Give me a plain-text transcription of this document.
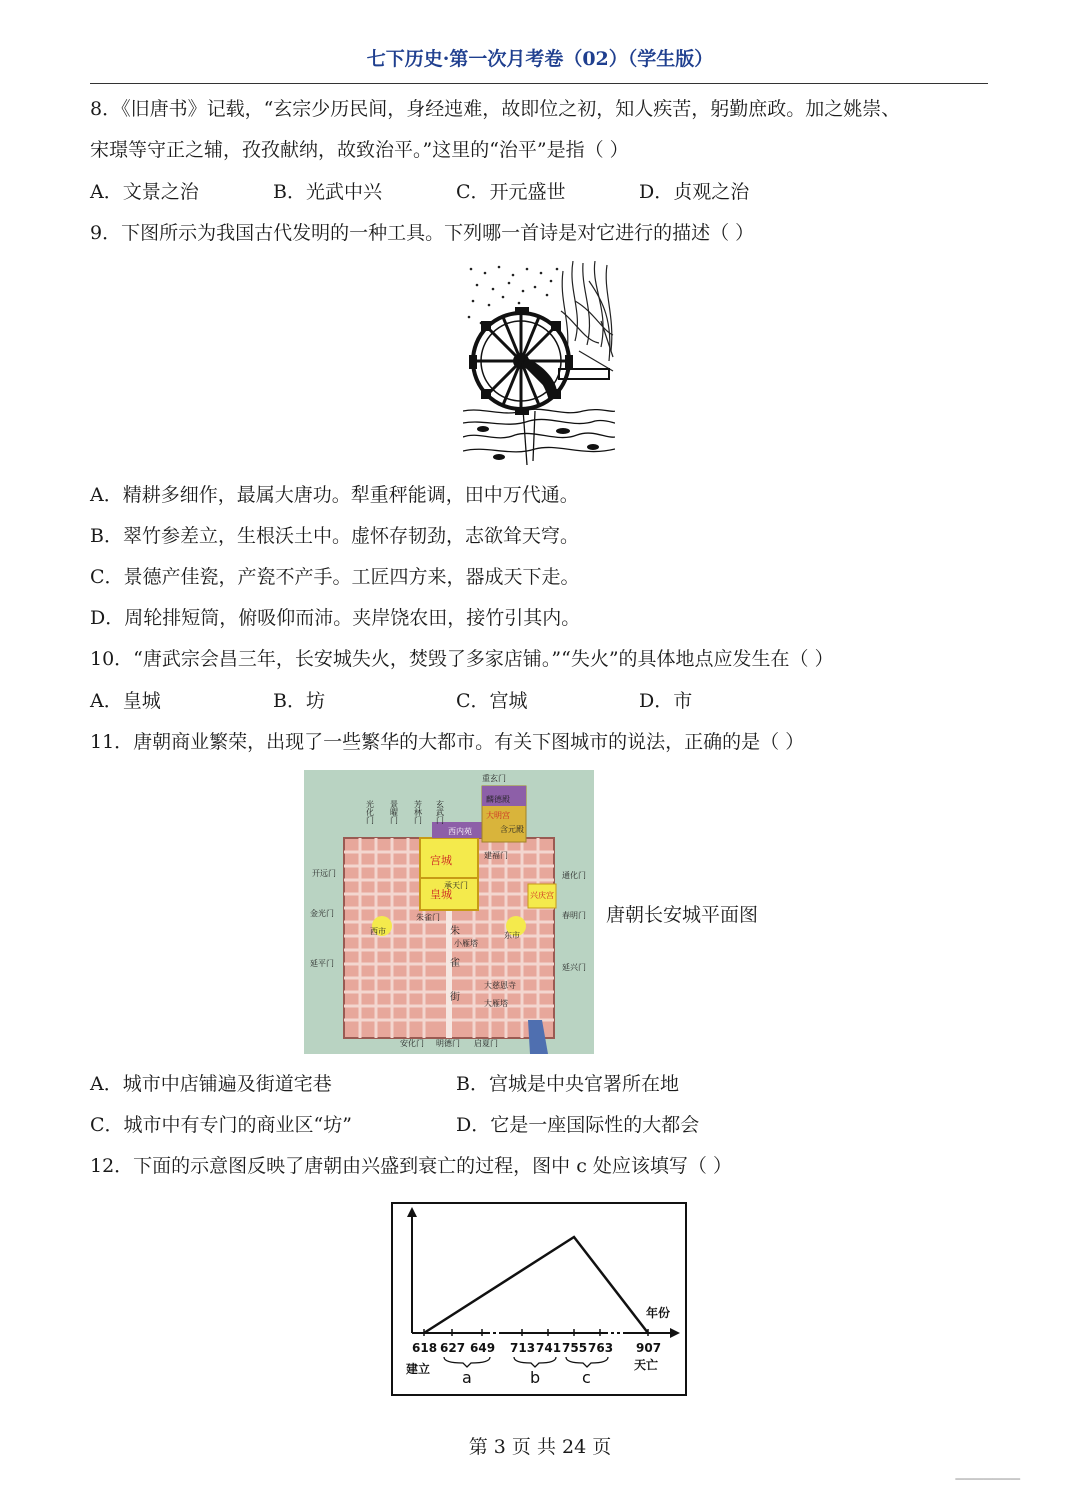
七下历史·第一次月考卷（02）（学生版）
8．《旧唐书》记载，“玄宗少历民间，身经迍难，故即位之初，知人疾苦，躬勤庶政。加之姚崇、
宋璟等守正之辅，孜孜献纳，故致治平。”这里的“治平”是指（ ）
A．文景之治	B．光武中兴	C．开元盛世	D．贞观之治
9．下图所示为我国古代发明的一种工具。下列哪一首诗是对它进行的描述（ ）
A．精耕多细作，最属大唐功。犁重秤能调，田中万代通。
B．翠竹参差立，生根沃土中。虚怀存韧劲，志欲耸天穹。
C．景德产佳瓷，产瓷不产手。工匠四方来，器成天下走。
D．周轮排短筒，俯吸仰而沛。夹岸饶农田，接竹引其内。
10．“唐武宗会昌三年，长安城失火，焚毁了多家店铺。”“失火”的具体地点应发生在（ ）
A．皇城	B．坊	C．宫城	D．市
11．唐朝商业繁荣，出现了一些繁华的大都市。有关下图城市的说法，正确的是（ ）
重玄门
麟德殿
大明宫
含元殿
西内苑
建福门
开远门
金光门
延平门
通化门
春明门
延兴门
兴庆宫
承天门
朱雀门
西市	东市
小雁塔
大慈恩寺
大雁塔
安化门 明德门 启夏门
宫城
皇城
光化门 景曜门 芳林门 玄武门
朱
雀
街
唐朝长安城平面图
A．城市中店铺遍及街道宅巷	B．宫城是中央官署所在地
C．城市中有专门的商业区“坊”	D．它是一座国际性的大都会
12．下面的示意图反映了唐朝由兴盛到衰亡的过程，图中 c 处应该填写（ ）
618 627 649 713 741 755 763 907
a	b	c
年份
建立	天亡
第 3 页 共 24 页
▁▁▁▁▁▁▁
